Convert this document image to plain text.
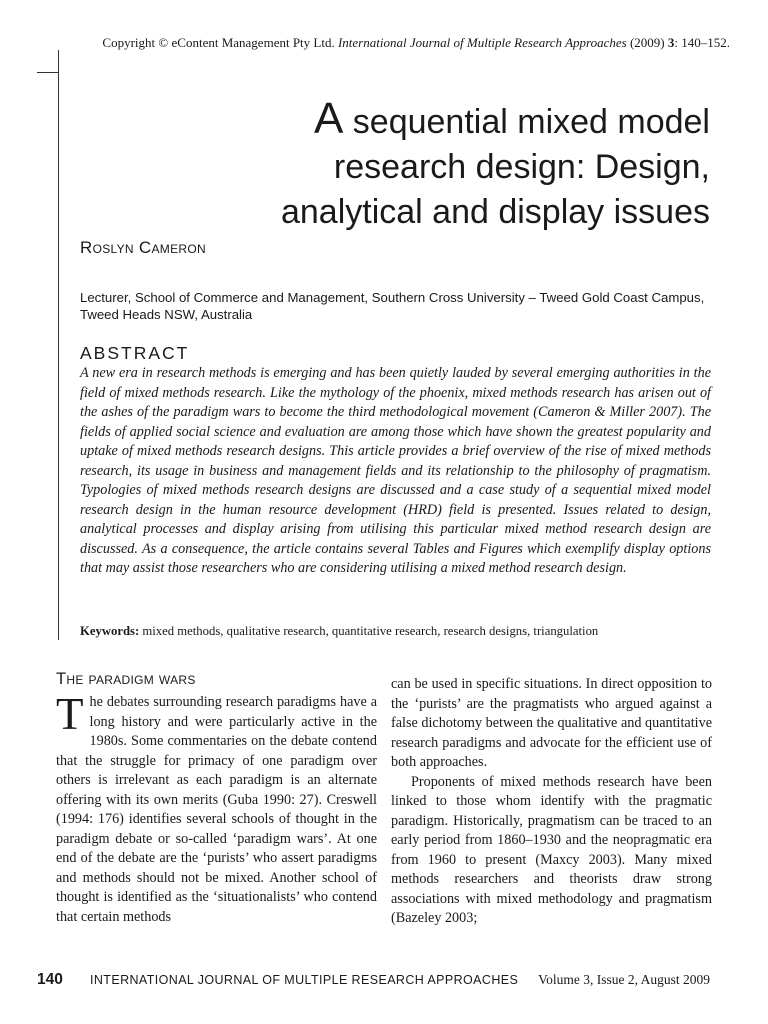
Copyright © eContent Management Pty Ltd. International Journal of Multiple Research Approaches (2009) 3: 140–152.
A sequential mixed model
research design: Design,
analytical and display issues
Roslyn Cameron
Lecturer, School of Commerce and Management, Southern Cross University – Tweed Gold Coast Campus, Tweed Heads NSW, Australia
ABSTRACT
A new era in research methods is emerging and has been quietly lauded by several emerging authorities in the field of mixed methods research. Like the mythology of the phoenix, mixed methods research has arisen out of the ashes of the paradigm wars to become the third methodological movement (Cameron & Miller 2007). The fields of applied social science and evaluation are among those which have shown the greatest popularity and uptake of mixed methods research designs. This article provides a brief overview of the rise of mixed methods research, its usage in business and management fields and its relationship to the philosophy of pragmatism. Typologies of mixed methods research designs are discussed and a case study of a sequential mixed model research design in the human resource development (HRD) field is presented. Issues related to design, analytical processes and display arising from utilising this particular mixed method research design are discussed. As a consequence, the article contains several Tables and Figures which exemplify display options that may assist those researchers who are considering utilising a mixed method research design.
Keywords: mixed methods, qualitative research, quantitative research, research designs, triangulation
The paradigm wars

The debates surrounding research paradigms have a long history and were particularly active in the 1980s. Some commentaries on the debate contend that the struggle for primacy of one paradigm over others is irrelevant as each paradigm is an alternate offering with its own merits (Guba 1990: 27). Creswell (1994: 176) identifies several schools of thought in the paradigm debate or so-called ‘paradigm wars’. At one end of the debate are the ‘purists’ who assert paradigms and methods should not be mixed. Another school of thought is identified as the ‘situationalists’ who contend that certain methods

can be used in specific situations. In direct opposition to the ‘purists’ are the pragmatists who argued against a false dichotomy between the qualitative and quantitative research paradigms and advocate for the efficient use of both approaches.

Proponents of mixed methods research have been linked to those whom identify with the pragmatic paradigm. Historically, pragmatism can be traced to an early period from 1860–1930 and the neopragmatic era from 1960 to present (Maxcy 2003). Many mixed methods researchers and theorists draw strong associations with mixed methodology and pragmatism (Bazeley 2003;

140 INTERNATIONAL JOURNAL OF MULTIPLE RESEARCH APPROACHES Volume 3, Issue 2, August 2009
